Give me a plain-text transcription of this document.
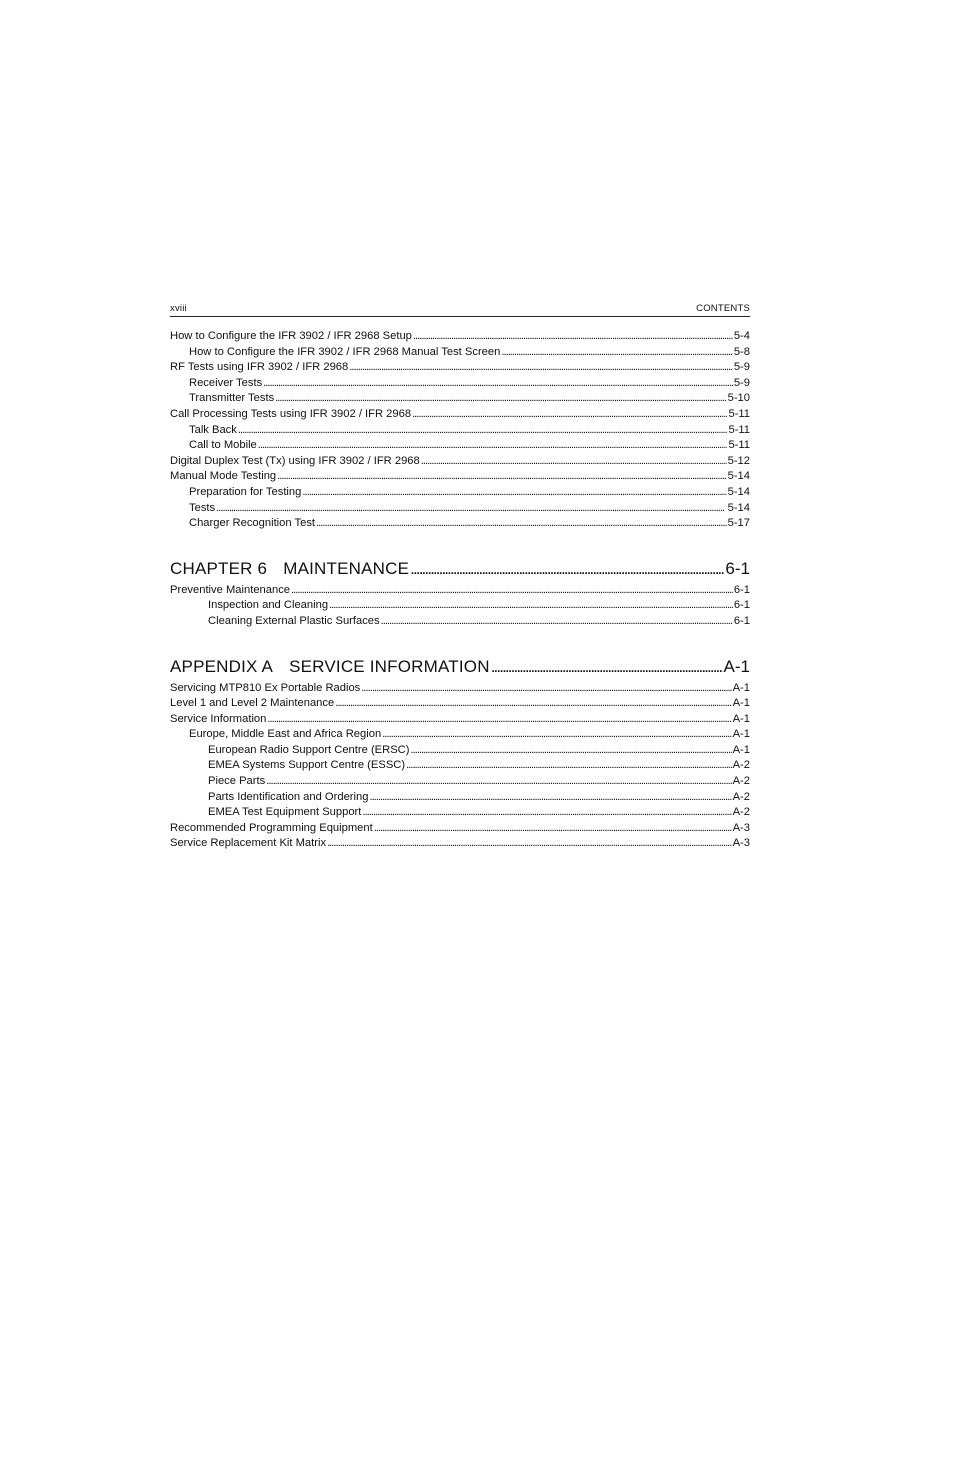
xviii	CONTENTS
How to Configure the IFR 3902 / IFR 2968 Setup . . .	5-4
How to Configure the IFR 3902 / IFR 2968 Manual Test Screen . . .	5-8
RF Tests using IFR 3902 / IFR 2968 . . .	5-9
Receiver Tests . . .	5-9
Transmitter Tests . . .	5-10
Call Processing Tests using IFR 3902 / IFR 2968 . . .	5-11
Talk Back . . .	5-11
Call to Mobile . . .	5-11
Digital Duplex Test (Tx) using IFR 3902 / IFR 2968 . . .	5-12
Manual Mode Testing . . .	5-14
Preparation for Testing . . .	5-14
Tests . . .	5-14
Charger Recognition Test . . .	5-17
CHAPTER 6 MAINTENANCE . . .	6-1
Preventive Maintenance . . .	6-1
Inspection and Cleaning . . .	6-1
Cleaning External Plastic Surfaces . . .	6-1
APPENDIX A SERVICE INFORMATION . . .	A-1
Servicing MTP810 Ex Portable Radios . . .	A-1
Level 1 and Level 2 Maintenance . . .	A-1
Service Information . . .	A-1
Europe, Middle East and Africa Region . . .	A-1
European Radio Support Centre (ERSC) . . .	A-1
EMEA Systems Support Centre (ESSC) . . .	A-2
Piece Parts . . .	A-2
Parts Identification and Ordering . . .	A-2
EMEA Test Equipment Support . . .	A-2
Recommended Programming Equipment . . .	A-3
Service Replacement Kit Matrix . . .	A-3
